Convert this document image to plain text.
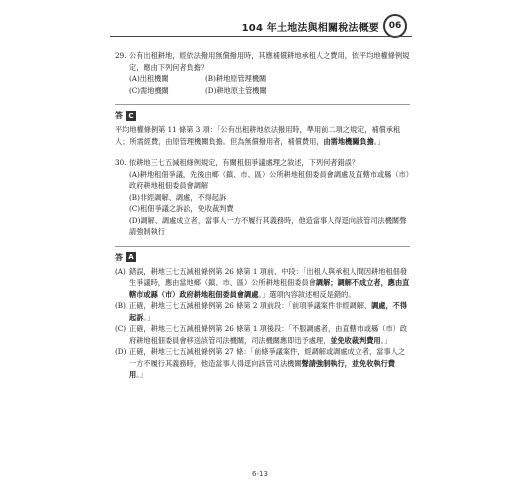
104 年土地法與相關稅法概要	06
29. 公有出租耕地，經依法撥用無償撥用時，其應補償耕地承租人之費用，依平均地權條例規定，應由下列何者負擔？
(A)出租機關	(B)耕地原管理機關
(C)需地機關	(D)耕地原主管機關
答 C

平均地權條例第 11 條第 3 項：「公有出租耕地依法撥用時，準用前二項之規定，補償承租人；所需經費，由原管理機關負擔。但為無償撥用者，補償費用，由需地機關負擔。」

30. 依耕地三七五減租條例規定，有關租佃爭議處理之敘述，下列何者錯誤？
(A)耕地租佃爭議，先後由鄉（鎮、市、區）公所耕地租佃委員會調處及直轄市或縣（市）政府耕地租佃委員會調解
(B)非經調解、調處，不得起訴
(C)租佃爭議之訴訟，免收裁判費
(D)調解、調處成立者，當事人一方不履行其義務時，他造當事人得逕向該管司法機關聲請強制執行
答 A
(A) 錯誤，耕地三七五減租條例第 26 條第 1 項前、中段：「出租人與承租人間因耕地租佃發生爭議時，應由當地鄉（鎮、市、區）公所耕地租佃委員會調解；調解不成立者，應由直轄市或縣（市）政府耕地租佃委員會調處。」選項內容敘述相反是錯的。
(B) 正確，耕地三七五減租條例第 26 條第 2 項前段：「前項爭議案件非經調解、調處，不得起訴。」
(C) 正確，耕地三七五減租條例第 26 條第 1 項後段：「不服調處者，由直轄市或縣（市）政府耕地租佃委員會移送該管司法機關，司法機關應即迅予處理，並免收裁判費用。」
(D) 正確，耕地三七五減租條例第 27 條：「前條爭議案件，經調解或調處成立者，當事人之一方不履行其義務時，他造當事人得逕向該管司法機關聲請強制執行，並免收執行費用。」
6-13
